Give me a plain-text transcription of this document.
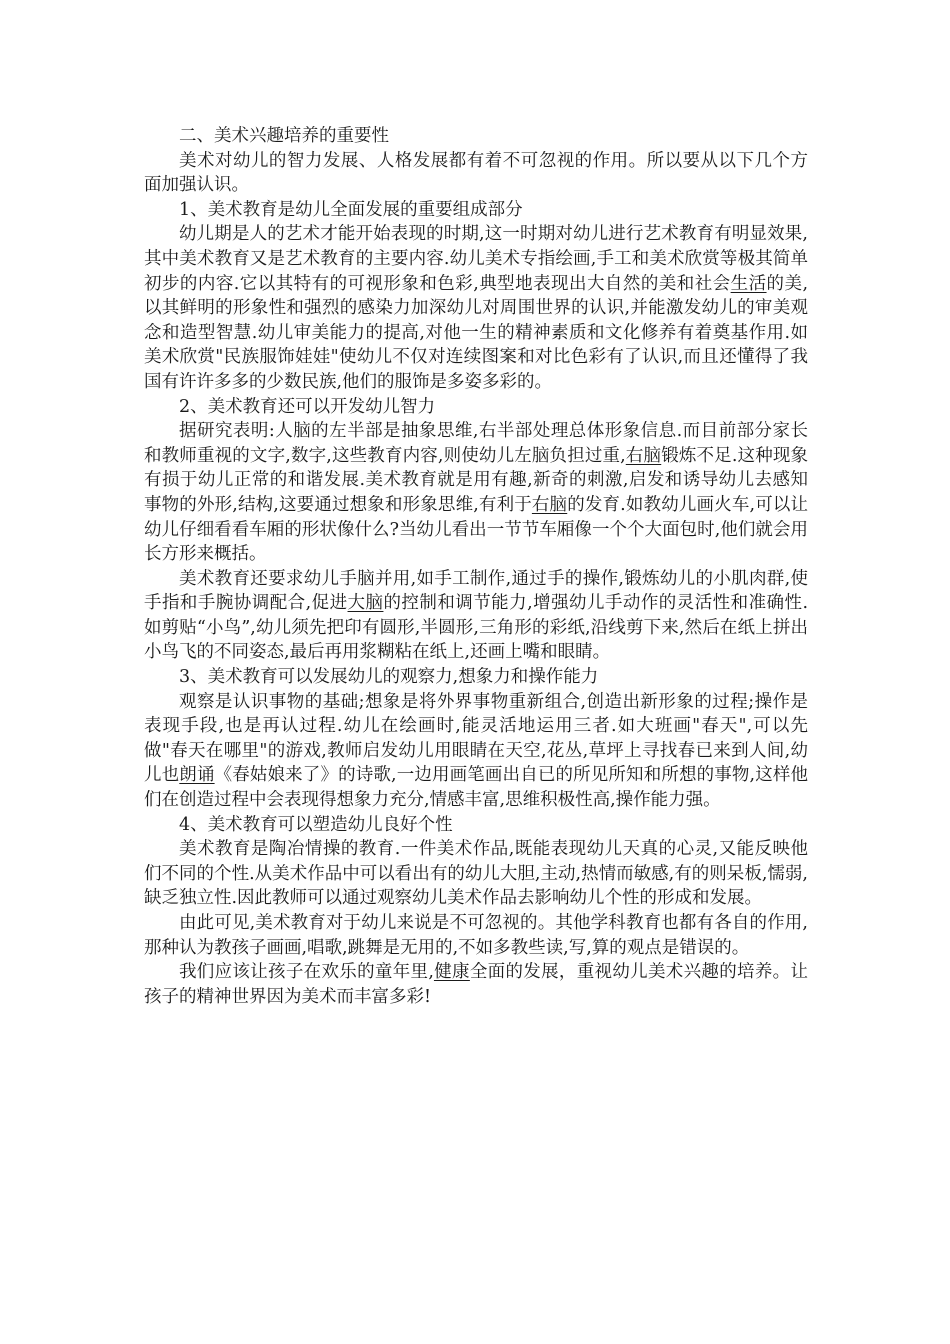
二、美术兴趣培养的重要性

美术对幼儿的智力发展、人格发展都有着不可忽视的作用。所以要从以下几个方面加强认识。

1、美术教育是幼儿全面发展的重要组成部分

幼儿期是人的艺术才能开始表现的时期,这一时期对幼儿进行艺术教育有明显效果,其中美术教育又是艺术教育的主要内容.幼儿美术专指绘画,手工和美术欣赏等极其简单初步的内容.它以其特有的可视形象和色彩,典型地表现出大自然的美和社会生活的美,以其鲜明的形象性和强烈的感染力加深幼儿对周围世界的认识,并能激发幼儿的审美观念和造型智慧.幼儿审美能力的提高,对他一生的精神素质和文化修养有着奠基作用.如美术欣赏"民族服饰娃娃"使幼儿不仅对连续图案和对比色彩有了认识,而且还懂得了我国有许许多多的少数民族,他们的服饰是多姿多彩的。

2、美术教育还可以开发幼儿智力

据研究表明:人脑的左半部是抽象思维,右半部处理总体形象信息.而目前部分家长和教师重视的文字,数字,这些教育内容,则使幼儿左脑负担过重,右脑锻炼不足.这种现象有损于幼儿正常的和谐发展.美术教育就是用有趣,新奇的刺激,启发和诱导幼儿去感知事物的外形,结构,这要通过想象和形象思维,有利于右脑的发育.如教幼儿画火车,可以让幼儿仔细看看车厢的形状像什么?当幼儿看出一节节车厢像一个个大面包时,他们就会用长方形来概括。

美术教育还要求幼儿手脑并用,如手工制作,通过手的操作,锻炼幼儿的小肌肉群,使手指和手腕协调配合,促进大脑的控制和调节能力,增强幼儿手动作的灵活性和准确性.如剪贴“小鸟”,幼儿须先把印有圆形,半圆形,三角形的彩纸,沿线剪下来,然后在纸上拼出小鸟飞的不同姿态,最后再用浆糊粘在纸上,还画上嘴和眼睛。

3、美术教育可以发展幼儿的观察力,想象力和操作能力

观察是认识事物的基础;想象是将外界事物重新组合,创造出新形象的过程;操作是表现手段,也是再认过程.幼儿在绘画时,能灵活地运用三者.如大班画"春天",可以先做"春天在哪里"的游戏,教师启发幼儿用眼睛在天空,花丛,草坪上寻找春已来到人间,幼儿也朗诵《春姑娘来了》的诗歌,一边用画笔画出自已的所见所知和所想的事物,这样他们在创造过程中会表现得想象力充分,情感丰富,思维积极性高,操作能力强。

4、美术教育可以塑造幼儿良好个性

美术教育是陶冶情操的教育.一件美术作品,既能表现幼儿天真的心灵,又能反映他们不同的个性.从美术作品中可以看出有的幼儿大胆,主动,热情而敏感,有的则呆板,懦弱,缺乏独立性.因此教师可以通过观察幼儿美术作品去影响幼儿个性的形成和发展。

由此可见,美术教育对于幼儿来说是不可忽视的。其他学科教育也都有各自的作用,那种认为教孩子画画,唱歌,跳舞是无用的,不如多教些读,写,算的观点是错误的。

我们应该让孩子在欢乐的童年里,健康全面的发展，重视幼儿美术兴趣的培养。让孩子的精神世界因为美术而丰富多彩!
